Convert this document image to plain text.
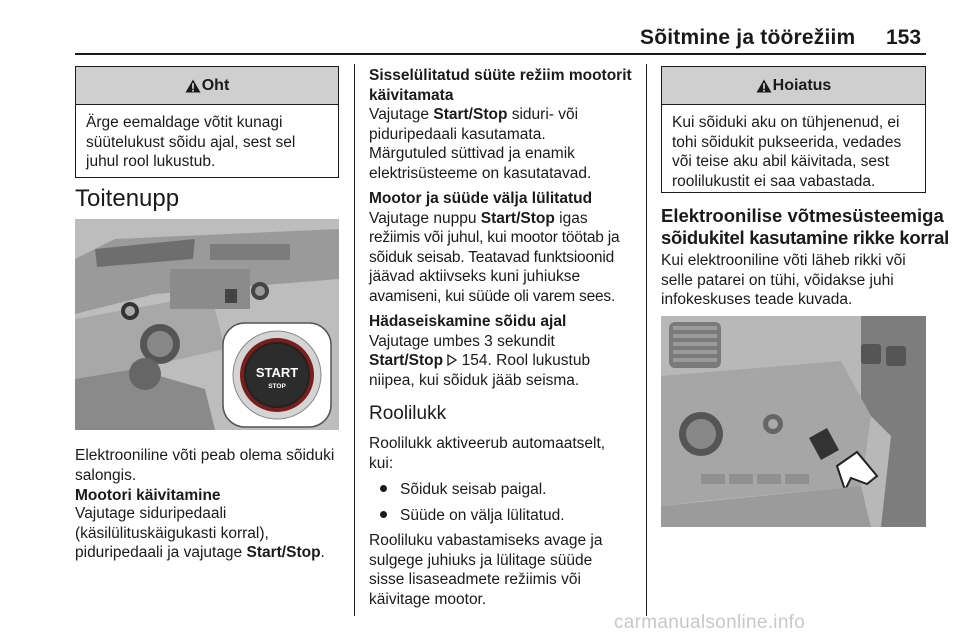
Sõitmine ja töörežiim 153
Oht
Ärge eemaldage võtit kunagi
süütelukust sõidu ajal, sest sel
juhul rool lukustub.
Toitenupp
START
STOP
Elektrooniline võti peab olema sõiduki
salongis.
Mootori käivitamine
Vajutage siduripedaali
(käsilülituskäigukasti korral),
piduripedaali ja vajutage Start/Stop.
Sisselülitatud süüte režiim mootorit
käivitamata
Vajutage Start/Stop siduri- või
piduripedaali kasutamata.
Märgutuled süttivad ja enamik
elektrisüsteeme on kasutatavad.
Mootor ja süüde välja lülitatud
Vajutage nuppu Start/Stop igas
režiimis või juhul, kui mootor töötab ja
sõiduk seisab. Teatavad funktsioonid
jäävad aktiivseks kuni juhiukse
avamiseni, kui süüde oli varem sees.
Hädaseiskamine sõidu ajal
Vajutage umbes 3 sekundit
Start/Stop  154. Rool lukustub
niipea, kui sõiduk jääb seisma.
Roolilukk
Roolilukk aktiveerub automaatselt,
kui:
Sõiduk seisab paigal.
Süüde on välja lülitatud.
Rooliluku vabastamiseks avage ja
sulgege juhiuks ja lülitage süüde
sisse lisaseadmete režiimis või
käivitage mootor.
Hoiatus
Kui sõiduki aku on tühjenenud, ei
tohi sõidukit pukseerida, vedades
või teise aku abil käivitada, sest
roolilukustit ei saa vabastada.
Elektroonilise võtmesüsteemiga
sõidukitel kasutamine rikke korral
Kui elektrooniline võti läheb rikki või
selle patarei on tühi, võidakse juhi
infokeskuses teade kuvada.
carmanualsonline.info
